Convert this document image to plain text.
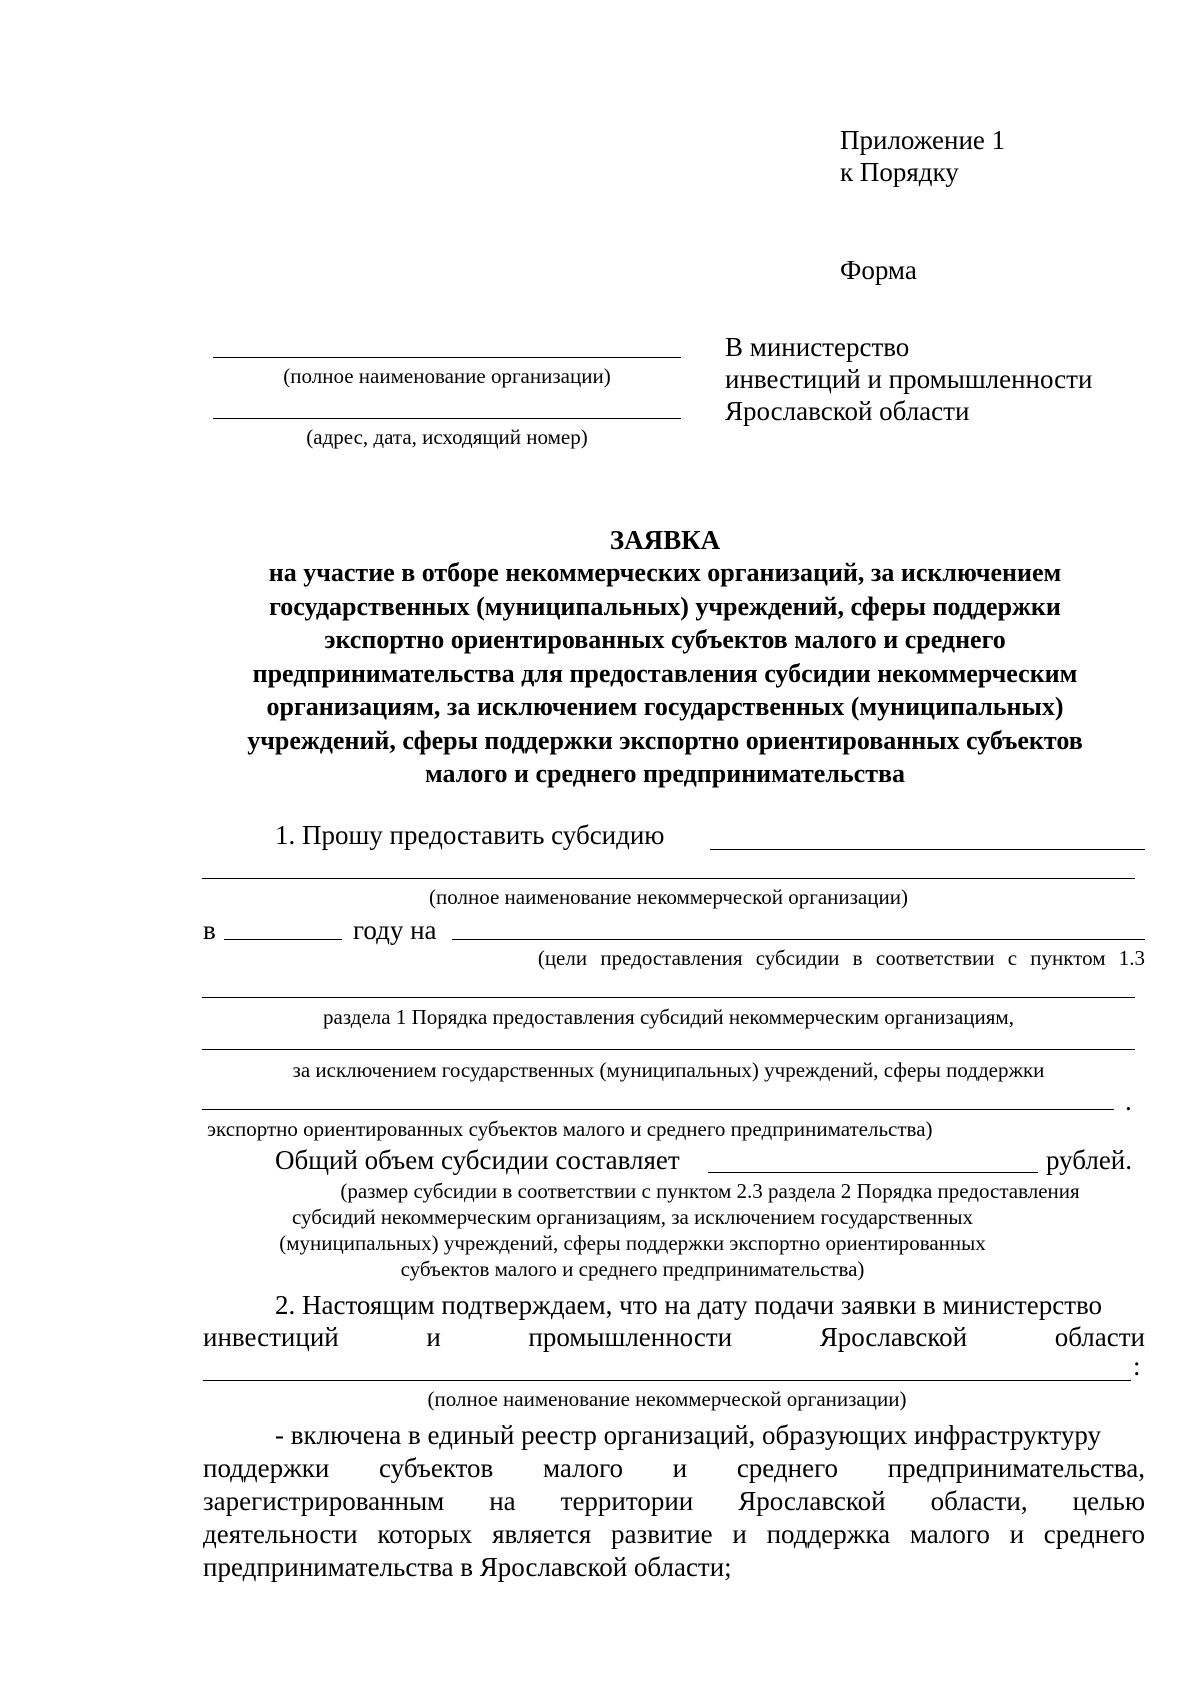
Приложение 1
к Порядку
Форма
(полное наименование организации)
(адрес, дата, исходящий номер)
В министерство
инвестиций и промышленности
Ярославской области
ЗАЯВКА
на участие в отборе некоммерческих организаций, за исключением
государственных (муниципальных) учреждений, сферы поддержки
экспортно ориентированных субъектов малого и среднего
предпринимательства для предоставления субсидии некоммерческим
организациям, за исключением государственных (муниципальных)
учреждений, сферы поддержки экспортно ориентированных субъектов
малого и среднего предпринимательства
1. Прошу предоставить субсидию
(полное наименование некоммерческой организации)
в	году на
(цели предоставления субсидии в соответствии с пунктом 1.3
раздела 1 Порядка предоставления субсидий некоммерческим организациям,
за исключением государственных (муниципальных) учреждений, сферы поддержки
.
экспортно ориентированных субъектов малого и среднего предпринимательства)
Общий объем субсидии составляет	рублей.
(размер субсидии в соответствии с пунктом 2.3 раздела 2 Порядка предоставления
субсидий некоммерческим организациям, за исключением государственных
(муниципальных) учреждений, сферы поддержки экспортно ориентированных
субъектов малого и среднего предпринимательства)
2. Настоящим подтверждаем, что на дату подачи заявки в министерство
инвестиций	и	промышленности	Ярославской	области
:
(полное наименование некоммерческой организации)
- включена в единый реестр организаций, образующих инфраструктуру
поддержки субъектов малого и среднего предпринимательства,
зарегистрированным на территории Ярославской области, целью
деятельности которых является развитие и поддержка малого и среднего
предпринимательства в Ярославской области;
